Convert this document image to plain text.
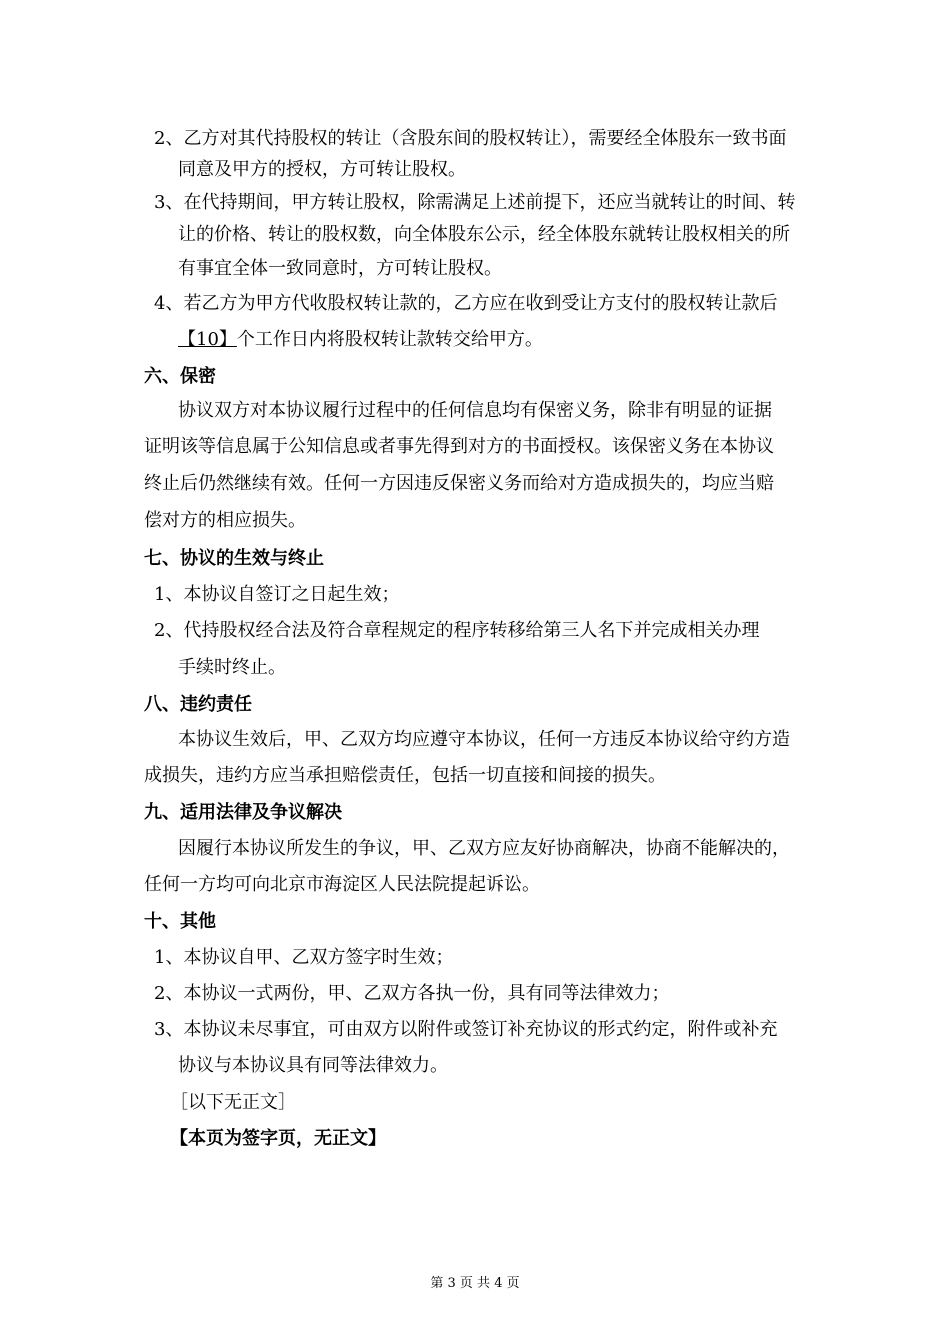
2、乙方对其代持股权的转让（含股东间的股权转让），需要经全体股东一致书面
同意及甲方的授权，方可转让股权。
3、在代持期间，甲方转让股权，除需满足上述前提下，还应当就转让的时间、转
让的价格、转让的股权数，向全体股东公示，经全体股东就转让股权相关的所
有事宜全体一致同意时，方可转让股权。
4、若乙方为甲方代收股权转让款的，乙方应在收到受让方支付的股权转让款后
【10】个工作日内将股权转让款转交给甲方。
六、保密
协议双方对本协议履行过程中的任何信息均有保密义务，除非有明显的证据
证明该等信息属于公知信息或者事先得到对方的书面授权。该保密义务在本协议
终止后仍然继续有效。任何一方因违反保密义务而给对方造成损失的，均应当赔
偿对方的相应损失。
七、协议的生效与终止
1、本协议自签订之日起生效；
2、代持股权经合法及符合章程规定的程序转移给第三人名下并完成相关办理
手续时终止。
八、违约责任
本协议生效后，甲、乙双方均应遵守本协议，任何一方违反本协议给守约方造
成损失，违约方应当承担赔偿责任，包括一切直接和间接的损失。
九、适用法律及争议解决
因履行本协议所发生的争议，甲、乙双方应友好协商解决，协商不能解决的，
任何一方均可向北京市海淀区人民法院提起诉讼。
十、其他
1、本协议自甲、乙双方签字时生效；
2、本协议一式两份，甲、乙双方各执一份，具有同等法律效力；
3、本协议未尽事宜，可由双方以附件或签订补充协议的形式约定，附件或补充
协议与本协议具有同等法律效力。
［以下无正文］
【本页为签字页，无正文】
第 3 页 共 4 页
